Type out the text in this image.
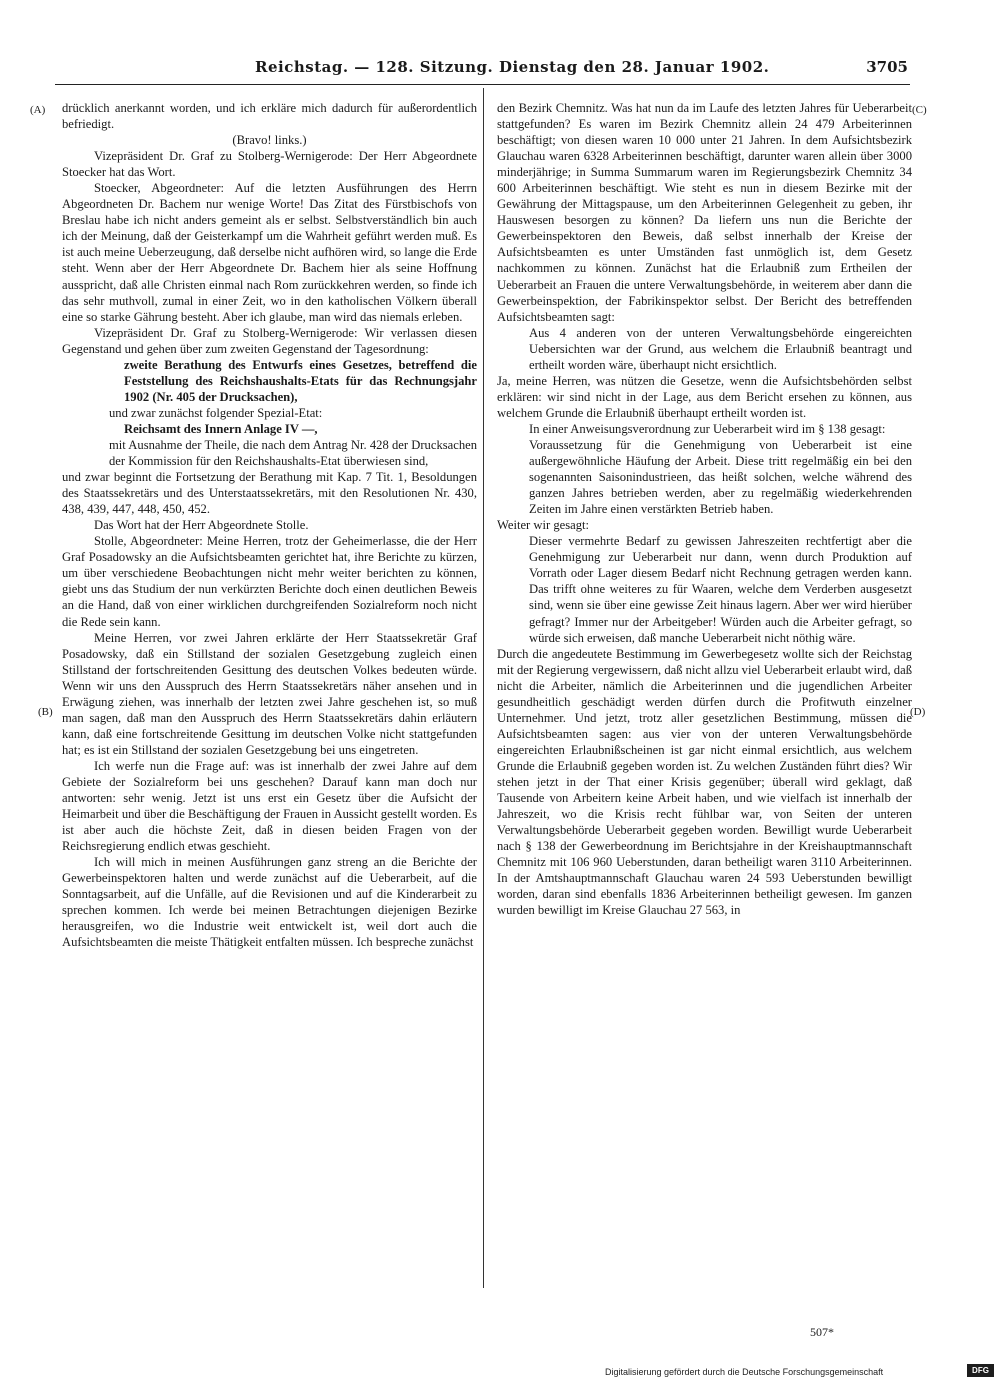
Reichstag. — 128. Sitzung. Dienstag den 28. Januar 1902.	3705
(A)
(B)
(C)
(D)

drücklich anerkannt worden, und ich erkläre mich dadurch für außerordentlich befriedigt.

(Bravo! links.)

Vizepräsident Dr. Graf zu Stolberg-Wernigerode: Der Herr Abgeordnete Stoecker hat das Wort.

Stoecker, Abgeordneter: Auf die letzten Ausführungen des Herrn Abgeordneten Dr. Bachem nur wenige Worte! Das Zitat des Fürstbischofs von Breslau habe ich nicht anders gemeint als er selbst. Selbstverständlich bin auch ich der Meinung, daß der Geisterkampf um die Wahrheit geführt werden muß. Es ist auch meine Ueberzeugung, daß derselbe nicht aufhören wird, so lange die Erde steht. Wenn aber der Herr Abgeordnete Dr. Bachem hier als seine Hoffnung ausspricht, daß alle Christen einmal nach Rom zurückkehren werden, so finde ich das sehr muthvoll, zumal in einer Zeit, wo in den katholischen Völkern überall eine so starke Gährung besteht. Aber ich glaube, man wird das niemals erleben.

Vizepräsident Dr. Graf zu Stolberg-Wernigerode: Wir verlassen diesen Gegenstand und gehen über zum zweiten Gegenstand der Tagesordnung:

zweite Berathung des Entwurfs eines Gesetzes, betreffend die Feststellung des Reichshaushalts-Etats für das Rechnungsjahr 1902 (Nr. 405 der Drucksachen),

und zwar zunächst folgender Spezial-Etat:

Reichsamt des Innern Anlage IV —,

mit Ausnahme der Theile, die nach dem Antrag Nr. 428 der Drucksachen der Kommission für den Reichshaushalts-Etat überwiesen sind,

und zwar beginnt die Fortsetzung der Berathung mit Kap. 7 Tit. 1, Besoldungen des Staatssekretärs und des Unterstaatssekretärs, mit den Resolutionen Nr. 430, 438, 439, 447, 448, 450, 452.

Das Wort hat der Herr Abgeordnete Stolle.

Stolle, Abgeordneter: Meine Herren, trotz der Geheimerlasse, die der Herr Graf Posadowsky an die Aufsichtsbeamten gerichtet hat, ihre Berichte zu kürzen, um über verschiedene Beobachtungen nicht mehr weiter berichten zu können, giebt uns das Studium der nun verkürzten Berichte doch einen deutlichen Beweis an die Hand, daß von einer wirklichen durchgreifenden Sozialreform noch nicht die Rede sein kann.

Meine Herren, vor zwei Jahren erklärte der Herr Staatssekretär Graf Posadowsky, daß ein Stillstand der sozialen Gesetzgebung zugleich einen Stillstand der fortschreitenden Gesittung des deutschen Volkes bedeuten würde. Wenn wir uns den Ausspruch des Herrn Staatssekretärs näher ansehen und in Erwägung ziehen, was innerhalb der letzten zwei Jahre geschehen ist, so muß man sagen, daß man den Ausspruch des Herrn Staatssekretärs dahin erläutern kann, daß eine fortschreitende Gesittung im deutschen Volke nicht stattgefunden hat; es ist ein Stillstand der sozialen Gesetzgebung bei uns eingetreten.

Ich werfe nun die Frage auf: was ist innerhalb der zwei Jahre auf dem Gebiete der Sozialreform bei uns geschehen? Darauf kann man doch nur antworten: sehr wenig. Jetzt ist uns erst ein Gesetz über die Aufsicht der Heimarbeit und über die Beschäftigung der Frauen in Aussicht gestellt worden. Es ist aber auch die höchste Zeit, daß in diesen beiden Fragen von der Reichsregierung endlich etwas geschieht.

Ich will mich in meinen Ausführungen ganz streng an die Berichte der Gewerbeinspektoren halten und werde zunächst auf die Ueberarbeit, auf die Sonntagsarbeit, auf die Unfälle, auf die Revisionen und auf die Kinderarbeit zu sprechen kommen. Ich werde bei meinen Betrachtungen diejenigen Bezirke herausgreifen, wo die Industrie weit entwickelt ist, weil dort auch die Aufsichtsbeamten die meiste Thätigkeit entfalten müssen. Ich bespreche zunächst

den Bezirk Chemnitz. Was hat nun da im Laufe des letzten Jahres für Ueberarbeit stattgefunden? Es waren im Bezirk Chemnitz allein 24 479 Arbeiterinnen beschäftigt; von diesen waren 10 000 unter 21 Jahren. In dem Aufsichtsbezirk Glauchau waren 6328 Arbeiterinnen beschäftigt, darunter waren allein über 3000 minderjährige; in Summa Summarum waren im Regierungsbezirk Chemnitz 34 600 Arbeiterinnen beschäftigt. Wie steht es nun in diesem Bezirke mit der Gewährung der Mittagspause, um den Arbeiterinnen Gelegenheit zu geben, ihr Hauswesen besorgen zu können? Da liefern uns nun die Berichte der Gewerbeinspektoren den Beweis, daß selbst innerhalb der Kreise der Aufsichtsbeamten es unter Umständen fast unmöglich ist, dem Gesetz nachkommen zu können. Zunächst hat die Erlaubniß zum Ertheilen der Ueberarbeit an Frauen die untere Verwaltungsbehörde, in weiterem aber dann die Gewerbeinspektion, der Fabrikinspektor selbst. Der Bericht des betreffenden Aufsichtsbeamten sagt:

Aus 4 anderen von der unteren Verwaltungsbehörde eingereichten Uebersichten war der Grund, aus welchem die Erlaubniß beantragt und ertheilt worden wäre, überhaupt nicht ersichtlich.

Ja, meine Herren, was nützen die Gesetze, wenn die Aufsichtsbehörden selbst erklären: wir sind nicht in der Lage, aus dem Bericht ersehen zu können, aus welchem Grunde die Erlaubniß überhaupt ertheilt worden ist.

In einer Anweisungsverordnung zur Ueberarbeit wird im § 138 gesagt:

Voraussetzung für die Genehmigung von Ueberarbeit ist eine außergewöhnliche Häufung der Arbeit. Diese tritt regelmäßig ein bei den sogenannten Saisonindustrieen, das heißt solchen, welche während des ganzen Jahres betrieben werden, aber zu regelmäßig wiederkehrenden Zeiten im Jahre einen verstärkten Betrieb haben.

Weiter wir gesagt:

Dieser vermehrte Bedarf zu gewissen Jahreszeiten rechtfertigt aber die Genehmigung zur Ueberarbeit nur dann, wenn durch Produktion auf Vorrath oder Lager diesem Bedarf nicht Rechnung getragen werden kann. Das trifft ohne weiteres zu für Waaren, welche dem Verderben ausgesetzt sind, wenn sie über eine gewisse Zeit hinaus lagern. Aber wer wird hierüber gefragt? Immer nur der Arbeitgeber! Würden auch die Arbeiter gefragt, so würde sich erweisen, daß manche Ueberarbeit nicht nöthig wäre.

Durch die angedeutete Bestimmung im Gewerbegesetz wollte sich der Reichstag mit der Regierung vergewissern, daß nicht allzu viel Ueberarbeit erlaubt wird, daß nicht die Arbeiter, nämlich die Arbeiterinnen und die jugendlichen Arbeiter gesundheitlich geschädigt werden dürfen durch die Profitwuth einzelner Unternehmer. Und jetzt, trotz aller gesetzlichen Bestimmung, müssen die Aufsichtsbeamten sagen: aus vier von der unteren Verwaltungsbehörde eingereichten Erlaubnißscheinen ist gar nicht einmal ersichtlich, aus welchem Grunde die Erlaubniß gegeben worden ist. Zu welchen Zuständen führt dies? Wir stehen jetzt in der That einer Krisis gegenüber; überall wird geklagt, daß Tausende von Arbeitern keine Arbeit haben, und wie vielfach ist innerhalb der Jahreszeit, wo die Krisis recht fühlbar war, von Seiten der unteren Verwaltungsbehörde Ueberarbeit gegeben worden. Bewilligt wurde Ueberarbeit nach § 138 der Gewerbeordnung im Berichtsjahre in der Kreishauptmannschaft Chemnitz mit 106 960 Ueberstunden, daran betheiligt waren 3110 Arbeiterinnen. In der Amtshauptmannschaft Glauchau waren 24 593 Ueberstunden bewilligt worden, daran sind ebenfalls 1836 Arbeiterinnen betheiligt gewesen. Im ganzen wurden bewilligt im Kreise Glauchau 27 563, in

507*
Digitalisierung gefördert durch die Deutsche Forschungsgemeinschaft	DFG
